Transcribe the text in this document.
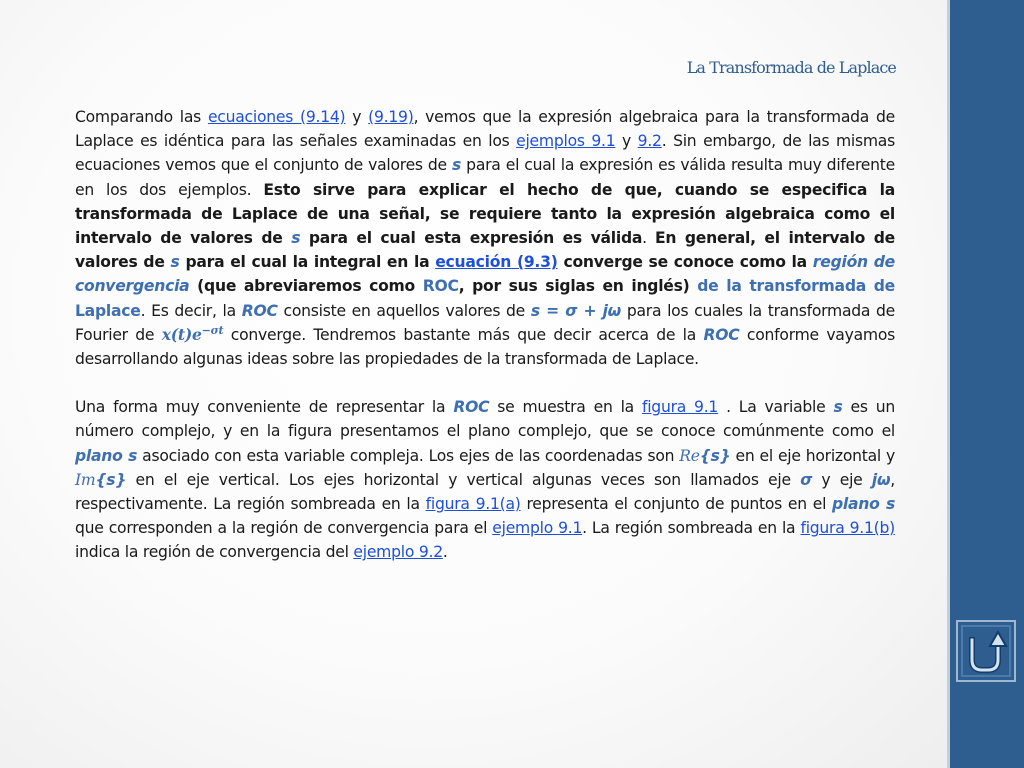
La Transformada de Laplace

Comparando las ecuaciones (9.14) y (9.19), vemos que la expresión algebraica para la transformada de Laplace es idéntica para las señales examinadas en los ejemplos 9.1 y 9.2. Sin embargo, de las mismas ecuaciones vemos que el conjunto de valores de s para el cual la expresión es válida resulta muy diferente en los dos ejemplos. Esto sirve para explicar el hecho de que, cuando se especifica la transformada de Laplace de una señal, se requiere tanto la expresión algebraica como el intervalo de valores de s para el cual esta expresión es válida. En general, el intervalo de valores de s para el cual la integral en la ecuación (9.3) converge se conoce como la región de convergencia (que abreviaremos como ROC, por sus siglas en inglés) de la transformada de Laplace. Es decir, la ROC consiste en aquellos valores de s = σ + jω para los cuales la transformada de Fourier de $x(t)e^{-\sigma t}$ converge. Tendremos bastante más que decir acerca de la ROC conforme vayamos desarrollando algunas ideas sobre las propiedades de la transformada de Laplace.

Una forma muy conveniente de representar la ROC se muestra en la figura 9.1 . La variable s es un número complejo, y en la figura presentamos el plano complejo, que se conoce comúnmente como el plano s asociado con esta variable compleja. Los ejes de las coordenadas son Re{s} en el eje horizontal y Im{s} en el eje vertical. Los ejes horizontal y vertical algunas veces son llamados eje σ y eje jω, respectivamente. La región sombreada en la figura 9.1(a) representa el conjunto de puntos en el plano s que corresponden a la región de convergencia para el ejemplo 9.1. La región sombreada en la figura 9.1(b) indica la región de convergencia del ejemplo 9.2.
